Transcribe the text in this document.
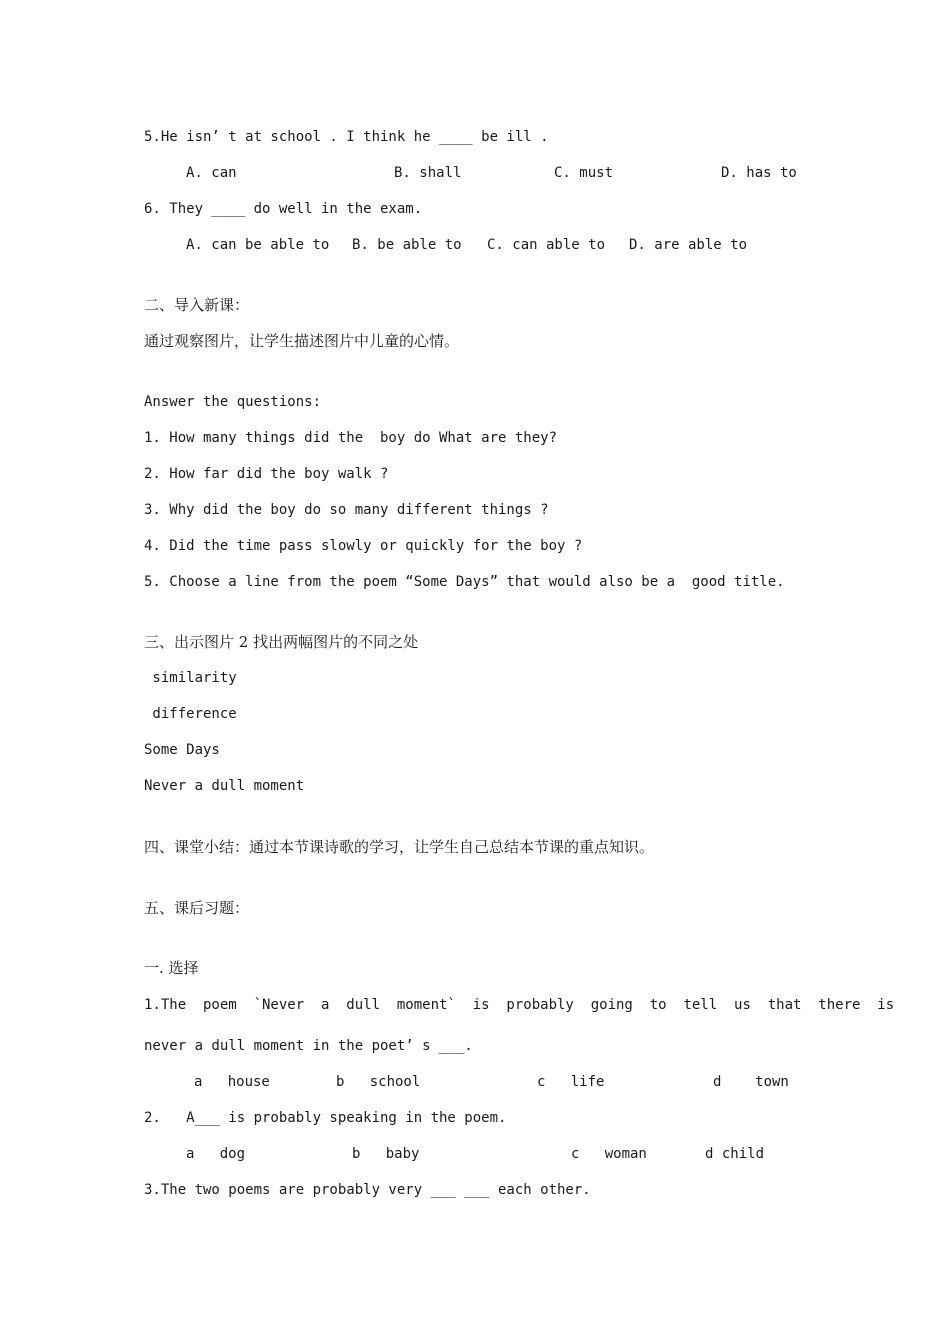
5.He isn’ t at school . I think he ____ be ill .
A. can	B. shall	C. must	D. has to
6. They ____ do well in the exam.
A. can be able to B. be able to C. can able to D. are able to
二、导入新课：
通过观察图片，让学生描述图片中儿童的心情。
Answer the questions:
1. How many things did the  boy do What are they?
2. How far did the boy walk ?
3. Why did the boy do so many different things ?
4. Did the time pass slowly or quickly for the boy ?
5. Choose a line from the poem “Some Days” that would also be a  good title.
三、出示图片 2 找出两幅图片的不同之处
similarity
difference
Some Days
Never a dull moment
四、课堂小结：通过本节课诗歌的学习，让学生自己总结本节课的重点知识。
五、课后习题：
一. 选择
1.The  poem  `Never  a  dull  moment`  is  probably  going  to  tell  us  that  there  is
never a dull moment in the poet’ s ___.
a   house	b   school	c   life	d    town
2.   A___ is probably speaking in the poem.
a   dog	b   baby	c   woman	d child
3.The two poems are probably very ___ ___ each other.
